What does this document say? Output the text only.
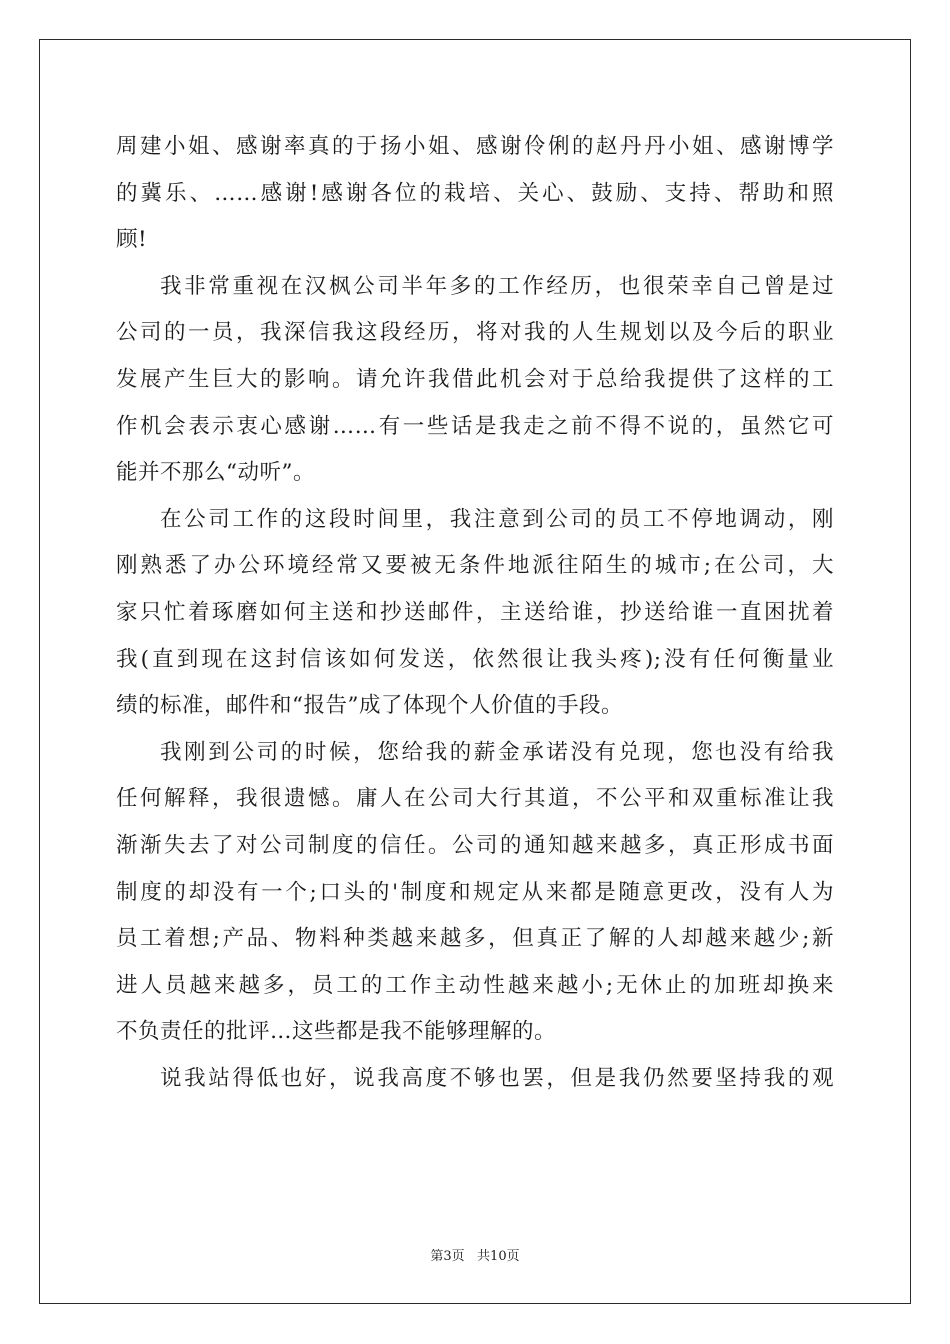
周建小姐、感谢率真的于扬小姐、感谢伶俐的赵丹丹小姐、感谢博学
的冀乐、……感谢!感谢各位的栽培、关心、鼓励、支持、帮助和照
顾!
我非常重视在汉枫公司半年多的工作经历，也很荣幸自己曾是过
公司的一员，我深信我这段经历，将对我的人生规划以及今后的职业
发展产生巨大的影响。请允许我借此机会对于总给我提供了这样的工
作机会表示衷心感谢……有一些话是我走之前不得不说的，虽然它可
能并不那么“动听”。
在公司工作的这段时间里，我注意到公司的员工不停地调动，刚
刚熟悉了办公环境经常又要被无条件地派往陌生的城市;在公司，大
家只忙着琢磨如何主送和抄送邮件，主送给谁，抄送给谁一直困扰着
我(直到现在这封信该如何发送，依然很让我头疼);没有任何衡量业
绩的标准，邮件和“报告”成了体现个人价值的手段。
我刚到公司的时候，您给我的薪金承诺没有兑现，您也没有给我
任何解释，我很遗憾。庸人在公司大行其道，不公平和双重标准让我
渐渐失去了对公司制度的信任。公司的通知越来越多，真正形成书面
制度的却没有一个;口头的'制度和规定从来都是随意更改，没有人为
员工着想;产品、物料种类越来越多，但真正了解的人却越来越少;新
进人员越来越多，员工的工作主动性越来越小;无休止的加班却换来
不负责任的批评…这些都是我不能够理解的。
说我站得低也好，说我高度不够也罢，但是我仍然要坚持我的观
第3页   共10页
